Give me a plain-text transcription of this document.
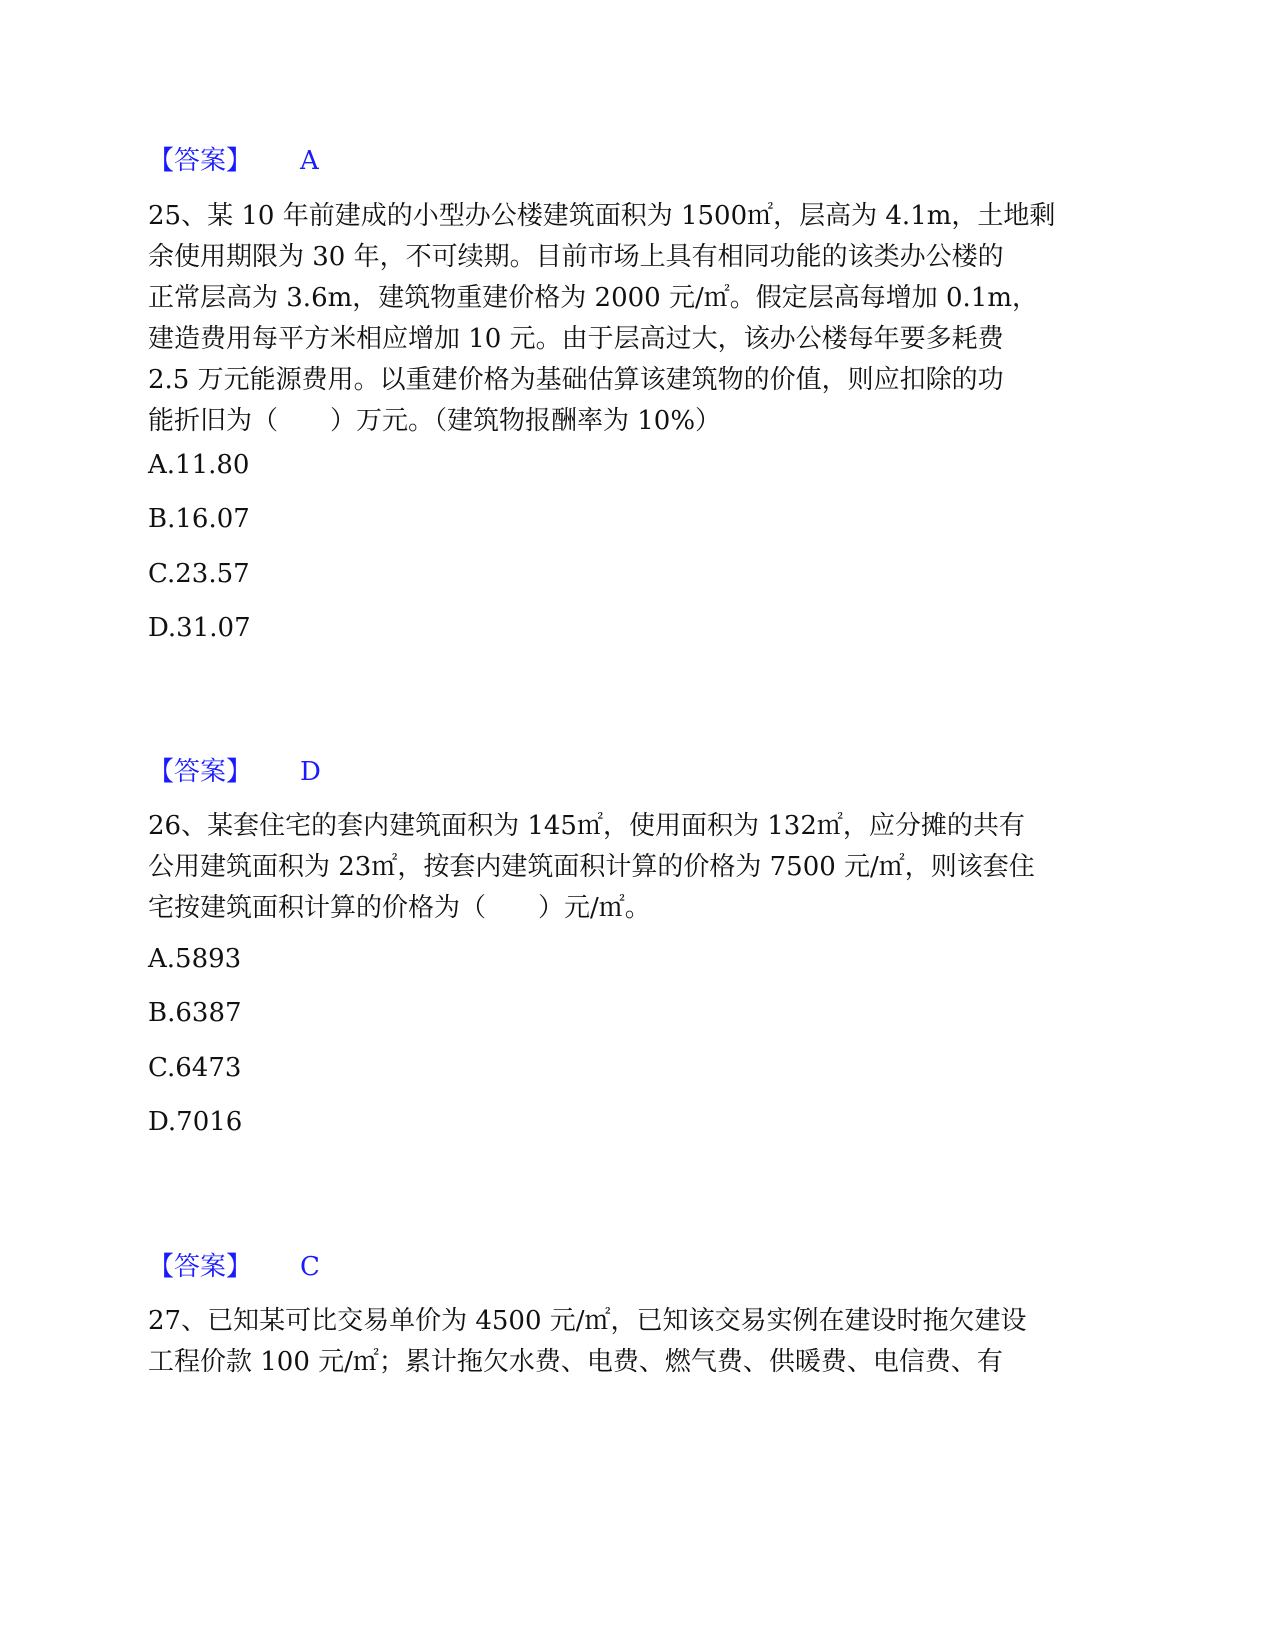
【答案】 A

25、某 10 年前建成的小型办公楼建筑面积为 1500㎡，层高为 4.1m，土地剩

余使用期限为 30 年，不可续期。目前市场上具有相同功能的该类办公楼的

正常层高为 3.6m，建筑物重建价格为 2000 元/㎡。假定层高每增加 0.1m，

建造费用每平方米相应增加 10 元。由于层高过大，该办公楼每年要多耗费

2.5 万元能源费用。以重建价格为基础估算该建筑物的价值，则应扣除的功

能折旧为（　　）万元。（建筑物报酬率为 10%）

A.11.80
B.16.07
C.23.57
D.31.07
【答案】 D

26、某套住宅的套内建筑面积为 145㎡，使用面积为 132㎡，应分摊的共有

公用建筑面积为 23㎡，按套内建筑面积计算的价格为 7500 元/㎡，则该套住

宅按建筑面积计算的价格为（　　）元/㎡。

A.5893
B.6387
C.6473
D.7016
【答案】 C

27、已知某可比交易单价为 4500 元/㎡，已知该交易实例在建设时拖欠建设

工程价款 100 元/㎡；累计拖欠水费、电费、燃气费、供暖费、电信费、有
